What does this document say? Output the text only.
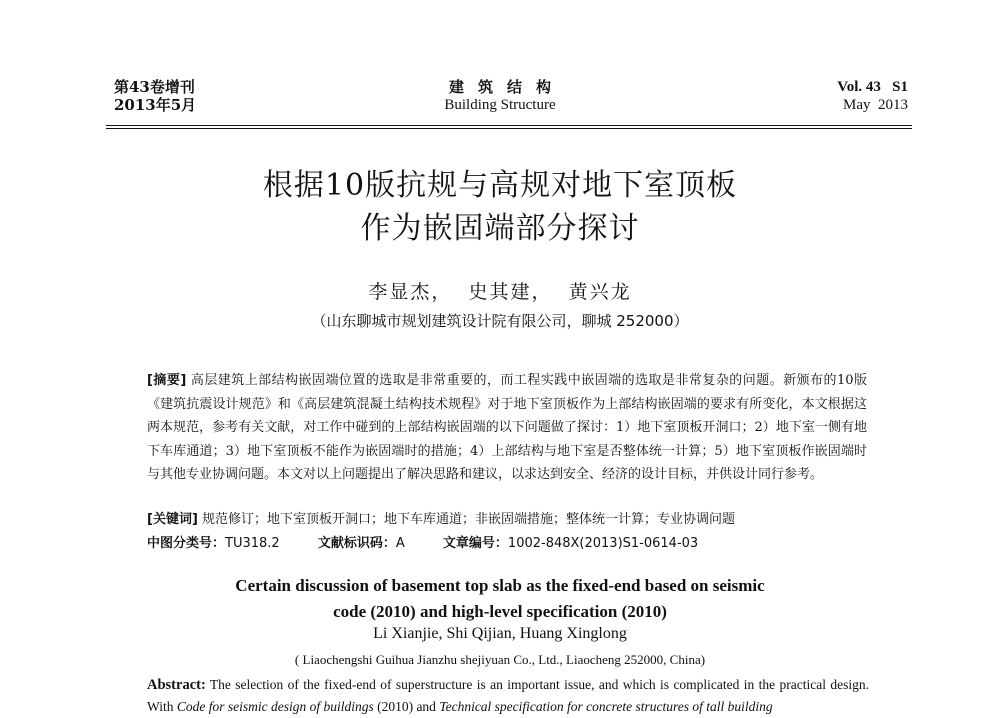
第43卷增刊
2013年5月
建筑结构
Building Structure
Vol. 43   S1
May  2013
根据10版抗规与高规对地下室顶板
作为嵌固端部分探讨
李显杰，  史其建，  黄兴龙
（山东聊城市规划建筑设计院有限公司，聊城 252000）
[摘要] 高层建筑上部结构嵌固端位置的选取是非常重要的，而工程实践中嵌固端的选取是非常复杂的问题。新颁布的10版《建筑抗震设计规范》和《高层建筑混凝土结构技术规程》对于地下室顶板作为上部结构嵌固端的要求有所变化，本文根据这两本规范，参考有关文献，对工作中碰到的上部结构嵌固端的以下问题做了探讨：1）地下室顶板开洞口；2）地下室一侧有地下车库通道；3）地下室顶板不能作为嵌固端时的措施；4）上部结构与地下室是否整体统一计算；5）地下室顶板作嵌固端时与其他专业协调问题。本文对以上问题提出了解决思路和建议，以求达到安全、经济的设计目标，并供设计同行参考。
[关键词] 规范修订；地下室顶板开洞口；地下车库通道；非嵌固端措施；整体统一计算；专业协调问题
中图分类号：TU318.2	文献标识码：A	文章编号：1002-848X(2013)S1-0614-03
Certain discussion of basement top slab as the fixed-end based on seismic
code (2010) and high-level specification (2010)
Li Xianjie, Shi Qijian, Huang Xinglong
( Liaochengshi Guihua Jianzhu shejiyuan Co., Ltd., Liaocheng 252000, China)
Abstract: The selection of the fixed-end of superstructure is an important issue, and which is complicated in the practical design. With Code for seismic design of buildings (2010) and Technical specification for concrete structures of tall building
